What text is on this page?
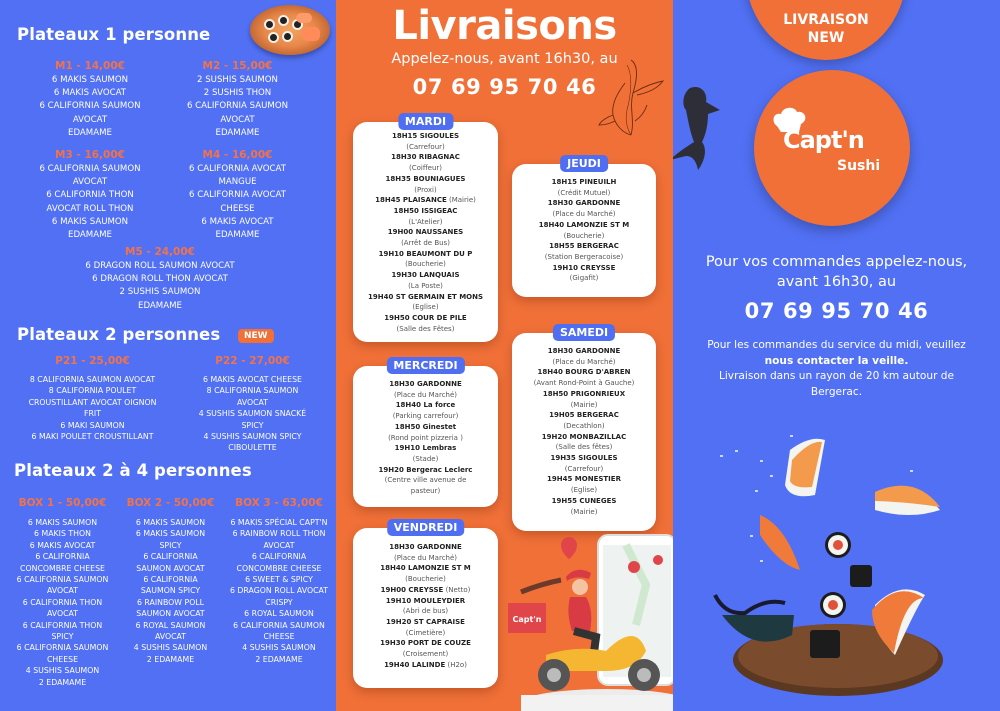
Plateaux 1 personne
M1 - 14,00€
6 MAKIS SAUMON
6 MAKIS AVOCAT
6 CALIFORNIA SAUMON
AVOCAT
EDAMAME
M2 - 15,00€
2 SUSHIS SAUMON
2 SUSHIS THON
6 CALIFORNIA SAUMON
AVOCAT
EDAMAME
M3 - 16,00€
6 CALIFORNIA SAUMON
AVOCAT
6 CALIFORNIA THON
AVOCAT ROLL THON
6 MAKIS SAUMON
EDAMAME
M4 - 16,00€
6 CALIFORNIA AVOCAT
MANGUE
6 CALIFORNIA AVOCAT
CHEESE
6 MAKIS AVOCAT
EDAMAME
M5 - 24,00€
6 DRAGON ROLL SAUMON AVOCAT
6 DRAGON ROLL THON AVOCAT
2 SUSHIS SAUMON
EDAMAME
Plateaux 2 personnes	NEW
P21 - 25,00€
8 CALIFORNIA SAUMON AVOCAT
8 CALIFORNIA POULET
CROUSTILLANT AVOCAT OIGNON
FRIT
6 MAKI SAUMON
6 MAKI POULET CROUSTILLANT
P22 - 27,00€
6 MAKIS AVOCAT CHEESE
8 CALIFORNIA SAUMON
AVOCAT
4 SUSHIS SAUMON SNACKÉ
SPICY
4 SUSHIS SAUMON SPICY
CIBOULETTE
Plateaux 2 à 4 personnes
BOX 1 - 50,00€
6 MAKIS SAUMON
6 MAKIS THON
6 MAKIS AVOCAT
6 CALIFORNIA
CONCOMBRE CHEESE
6 CALIFORNIA SAUMON
AVOCAT
6 CALIFORNIA THON
AVOCAT
6 CALIFORNIA THON
SPICY
6 CALIFORNIA SAUMON
CHEESE
4 SUSHIS SAUMON
2 EDAMAME
BOX 2 - 50,00€
6 MAKIS SAUMON
6 MAKIS SAUMON
SPICY
6 CALIFORNIA
SAUMON AVOCAT
6 CALIFORNIA
SAUMON SPICY
6 RAINBOW POLL
SAUMON AVOCAT
6 ROYAL SAUMON
AVOCAT
4 SUSHIS SAUMON
2 EDAMAME
BOX 3 - 63,00€
6 MAKIS SPÉCIAL CAPT'N
6 RAINBOW ROLL THON
AVOCAT
6 CALIFORNIA
CONCOMBRE CHEESE
6 SWEET & SPICY
6 DRAGON ROLL AVOCAT
CRISPY
6 ROYAL SAUMON
6 CALIFORNIA SAUMON
CHEESE
4 SUSHIS SAUMON
2 EDAMAME
Livraisons
Appelez-nous, avant 16h30, au
07 69 95 70 46
MARDI
18H15 SIGOULES
(Carrefour)
18H30 RIBAGNAC
(Coiffeur)
18H35 BOUNIAGUES
(Proxi)
18H45 PLAISANCE (Mairie)
18H50 ISSIGEAC
(L'Atelier)
19H00 NAUSSANES
(Arrêt de Bus)
19H10 BEAUMONT DU P
(Boucherie)
19H30 LANQUAIS
(La Poste)
19H40 ST GERMAIN ET MONS
(Eglise)
19H50 COUR DE PILE
(Salle des Fêtes)
JEUDI
18H15 PINEUILH
(Crédit Mutuel)
18H30 GARDONNE
(Place du Marché)
18H40 LAMONZIE ST M
(Boucherie)
18H55 BERGERAC
(Station Bergeracoise)
19H10 CREYSSE
(Gigafit)
MERCREDI
18H30 GARDONNE
(Place du Marché)
18H40 La force
(Parking carrefour)
18H50 Ginestet
(Rond point pizzeria )
19H10 Lembras
(Stade)
19H20 Bergerac Leclerc
(Centre ville avenue de
pasteur)
SAMEDI
18H30 GARDONNE
(Place du Marché)
18H40 BOURG D'ABREN
(Avant Rond-Point à Gauche)
18H50 PRIGONRIEUX
(Mairie)
19H05 BERGERAC
(Decathlon)
19H20 MONBAZILLAC
(Salle des fêtes)
19H35 SIGOULES
(Carrefour)
19H45 MONESTIER
(Eglise)
19H55 CUNEGES
(Mairie)
VENDREDI
18H30 GARDONNE
(Place du Marché)
18H40 LAMONZIE ST M
(Boucherie)
19H00 CREYSSE (Netto)
19H10 MOULEYDIER
(Abri de bus)
19H20 ST CAPRAISE
(Cimetière)
19H30 PORT DE COUZE
(Croisement)
19H40 LALINDE (H2o)
Capt'n
LIVRAISON
NEW
Capt'n
Sushi
Pour vos commandes appelez-nous,
avant 16h30, au
07 69 95 70 46
Pour les commandes du service du midi, veuillez
nous contacter la veille.
Livraison dans un rayon de 20 km autour de
Bergerac.
